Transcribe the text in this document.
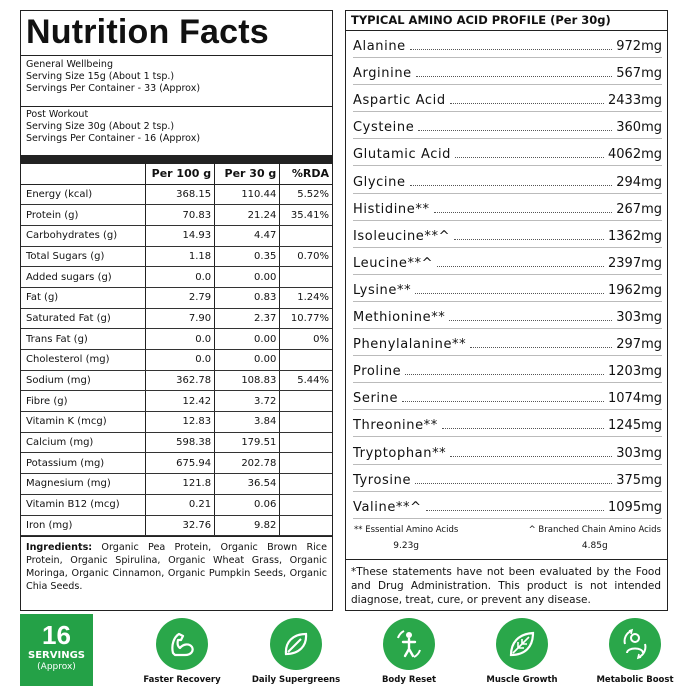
Nutrition Facts
General Wellbeing
Serving Size 15g (About 1 tsp.)
Servings Per Container - 33 (Approx)
Post Workout
Serving Size 30g (About 2 tsp.)
Servings Per Container - 16 (Approx)
	Per 100 g	Per 30 g	%RDA
Energy (kcal)	368.15	110.44	5.52%
Protein (g)	70.83	21.24	35.41%
Carbohydrates (g)	14.93	4.47	
Total Sugars (g)	1.18	0.35	0.70%
Added sugars (g)	0.0	0.00	
Fat (g)	2.79	0.83	1.24%
Saturated Fat (g)	7.90	2.37	10.77%
Trans Fat (g)	0.0	0.00	0%
Cholesterol (mg)	0.0	0.00	
Sodium (mg)	362.78	108.83	5.44%
Fibre (g)	12.42	3.72	
Vitamin K (mcg)	12.83	3.84	
Calcium (mg)	598.38	179.51	
Potassium (mg)	675.94	202.78	
Magnesium (mg)	121.8	36.54	
Vitamin B12 (mcg)	0.21	0.06	
Iron (mg)	32.76	9.82	
Ingredients: Organic Pea Protein, Organic Brown Rice Protein, Organic Spirulina, Organic Wheat Grass, Organic Moringa, Organic Cinnamon, Organic Pumpkin Seeds, Organic Chia Seeds.
TYPICAL AMINO ACID PROFILE (Per 30g)
Alanine	972mg
Arginine	567mg
Aspartic Acid	2433mg
Cysteine	360mg
Glutamic Acid	4062mg
Glycine	294mg
Histidine**	267mg
Isoleucine**^	1362mg
Leucine**^	2397mg
Lysine**	1962mg
Methionine**	303mg
Phenylalanine**	297mg
Proline	1203mg
Serine	1074mg
Threonine**	1245mg
Tryptophan**	303mg
Tyrosine	375mg
Valine**^	1095mg
** Essential Amino Acids
9.23g
^ Branched Chain Amino Acids
4.85g
*These statements have not been evaluated by the Food and Drug Administration. This product is not intended diagnose, treat, cure, or prevent any disease.
16
SERVINGS
(Approx)
Faster Recovery	Daily Supergreens	Body Reset	Muscle Growth	Metabolic Boost
